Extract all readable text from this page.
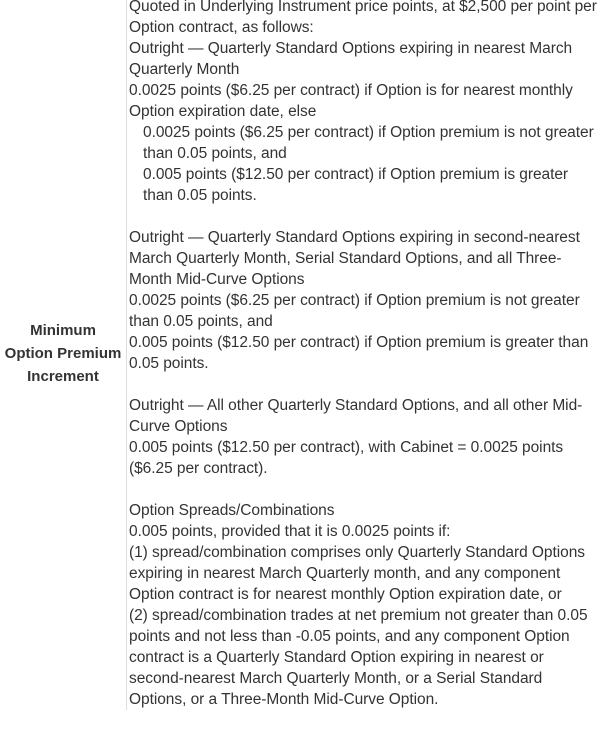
Minimum
Option Premium
Increment

Quoted in Underlying Instrument price points, at $2,500 per point per Option contract, as follows:
Outright — Quarterly Standard Options expiring in nearest March Quarterly Month
0.0025 points ($6.25 per contract) if Option is for nearest monthly Option expiration date, else
0.0025 points ($6.25 per contract) if Option premium is not greater than 0.05 points, and
0.005 points ($12.50 per contract) if Option premium is greater than 0.05 points.
Outright — Quarterly Standard Options expiring in second-nearest March Quarterly Month, Serial Standard Options, and all Three-Month Mid-Curve Options
0.0025 points ($6.25 per contract) if Option premium is not greater than 0.05 points, and
0.005 points ($12.50 per contract) if Option premium is greater than 0.05 points.
Outright — All other Quarterly Standard Options, and all other Mid-Curve Options
0.005 points ($12.50 per contract), with Cabinet = 0.0025 points ($6.25 per contract).
Option Spreads/Combinations
0.005 points, provided that it is 0.0025 points if:
(1) spread/combination comprises only Quarterly Standard Options expiring in nearest March Quarterly month, and any component Option contract is for nearest monthly Option expiration date, or
(2) spread/combination trades at net premium not greater than 0.05 points and not less than -0.05 points, and any component Option contract is a Quarterly Standard Option expiring in nearest or second-nearest March Quarterly Month, or a Serial Standard Options, or a Three-Month Mid-Curve Option.
